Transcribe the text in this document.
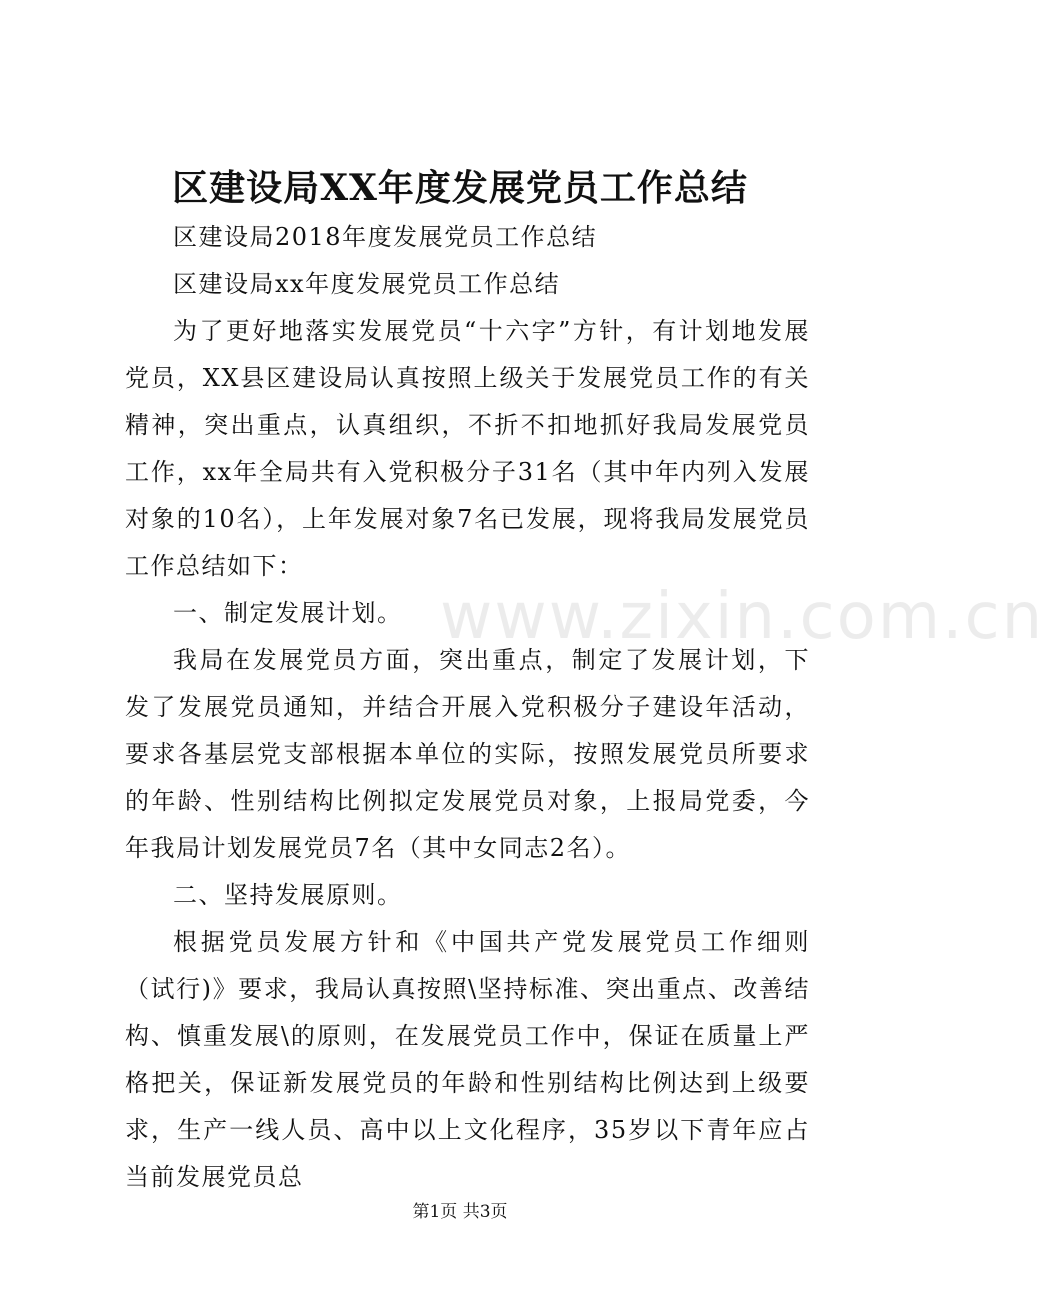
区建设局XX年度发展党员工作总结

区建设局2018年度发展党员工作总结

区建设局xx年度发展党员工作总结

为了更好地落实发展党员“十六字”方针，有计划地发展党员，XX县区建设局认真按照上级关于发展党员工作的有关精神，突出重点，认真组织，不折不扣地抓好我局发展党员工作，xx年全局共有入党积极分子31名（其中年内列入发展对象的10名），上年发展对象7名已发展，现将我局发展党员工作总结如下：

一、制定发展计划。

我局在发展党员方面，突出重点，制定了发展计划，下发了发展党员通知，并结合开展入党积极分子建设年活动，要求各基层党支部根据本单位的实际，按照发展党员所要求的年龄、性别结构比例拟定发展党员对象，上报局党委，今年我局计划发展党员7名（其中女同志2名）。

二、坚持发展原则。

根据党员发展方针和《中国共产党发展党员工作细则（试行)》要求，我局认真按照\坚持标准、突出重点、改善结构、慎重发展\的原则，在发展党员工作中，保证在质量上严格把关，保证新发展党员的年龄和性别结构比例达到上级要求，生产一线人员、高中以上文化程序，35岁以下青年应占当前发展党员总

www.zixin.com.cn
第1页 共3页
